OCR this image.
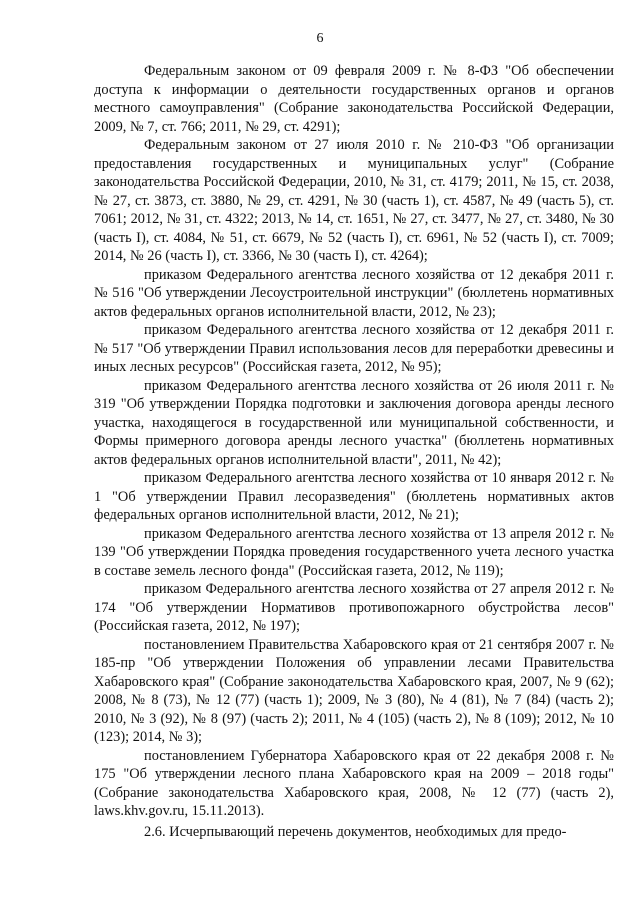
6

Федеральным законом от 09 февраля 2009 г. № 8-ФЗ "Об обеспечении доступа к информации о деятельности государственных органов и органов местного самоуправления" (Собрание законодательства Российской Федерации, 2009, № 7, ст. 766; 2011, № 29, ст. 4291);

Федеральным законом от 27 июля 2010 г. № 210-ФЗ "Об организации предоставления государственных и муниципальных услуг" (Собрание законодательства Российской Федерации, 2010, № 31, ст. 4179; 2011, № 15, ст. 2038, № 27, ст. 3873, ст. 3880, № 29, ст. 4291, № 30 (часть 1), ст. 4587, № 49 (часть 5), ст. 7061; 2012, № 31, ст. 4322; 2013, № 14, ст. 1651, № 27, ст. 3477, № 27, ст. 3480, № 30 (часть I), ст. 4084, № 51, ст. 6679, № 52 (часть I), ст. 6961, № 52 (часть I), ст. 7009; 2014, № 26 (часть I), ст. 3366, № 30 (часть I), ст. 4264);

приказом Федерального агентства лесного хозяйства от 12 декабря 2011 г. № 516 "Об утверждении Лесоустроительной инструкции" (бюллетень нормативных актов федеральных органов исполнительной власти, 2012, № 23);

приказом Федерального агентства лесного хозяйства от 12 декабря 2011 г. № 517 "Об утверждении Правил использования лесов для переработки древесины и иных лесных ресурсов" (Российская газета, 2012, № 95);

приказом Федерального агентства лесного хозяйства от 26 июля 2011 г. № 319 "Об утверждении Порядка подготовки и заключения договора аренды лесного участка, находящегося в государственной или муниципальной собственности, и Формы примерного договора аренды лесного участка" (бюллетень нормативных актов федеральных органов исполнительной власти", 2011, № 42);

приказом Федерального агентства лесного хозяйства от 10 января 2012 г. № 1 "Об утверждении Правил лесоразведения" (бюллетень нормативных актов федеральных органов исполнительной власти, 2012, № 21);

приказом Федерального агентства лесного хозяйства от 13 апреля 2012 г. № 139 "Об утверждении Порядка проведения государственного учета лесного участка в составе земель лесного фонда" (Российская газета, 2012, № 119);

приказом Федерального агентства лесного хозяйства от 27 апреля 2012 г. № 174 "Об утверждении Нормативов противопожарного обустройства лесов" (Российская газета, 2012, № 197);

постановлением Правительства Хабаровского края от 21 сентября 2007 г. № 185-пр "Об утверждении Положения об управлении лесами Правительства Хабаровского края" (Собрание законодательства Хабаровского края, 2007, № 9 (62); 2008, № 8 (73), № 12 (77) (часть 1); 2009, № 3 (80), № 4 (81), № 7 (84) (часть 2); 2010, № 3 (92), № 8 (97) (часть 2); 2011, № 4 (105) (часть 2), № 8 (109); 2012, № 10 (123); 2014, № 3);

постановлением Губернатора Хабаровского края от 22 декабря 2008 г. № 175 "Об утверждении лесного плана Хабаровского края на 2009 – 2018 годы" (Собрание законодательства Хабаровского края, 2008, № 12 (77) (часть 2), laws.khv.gov.ru, 15.11.2013).

2.6. Исчерпывающий перечень документов, необходимых для предо-
